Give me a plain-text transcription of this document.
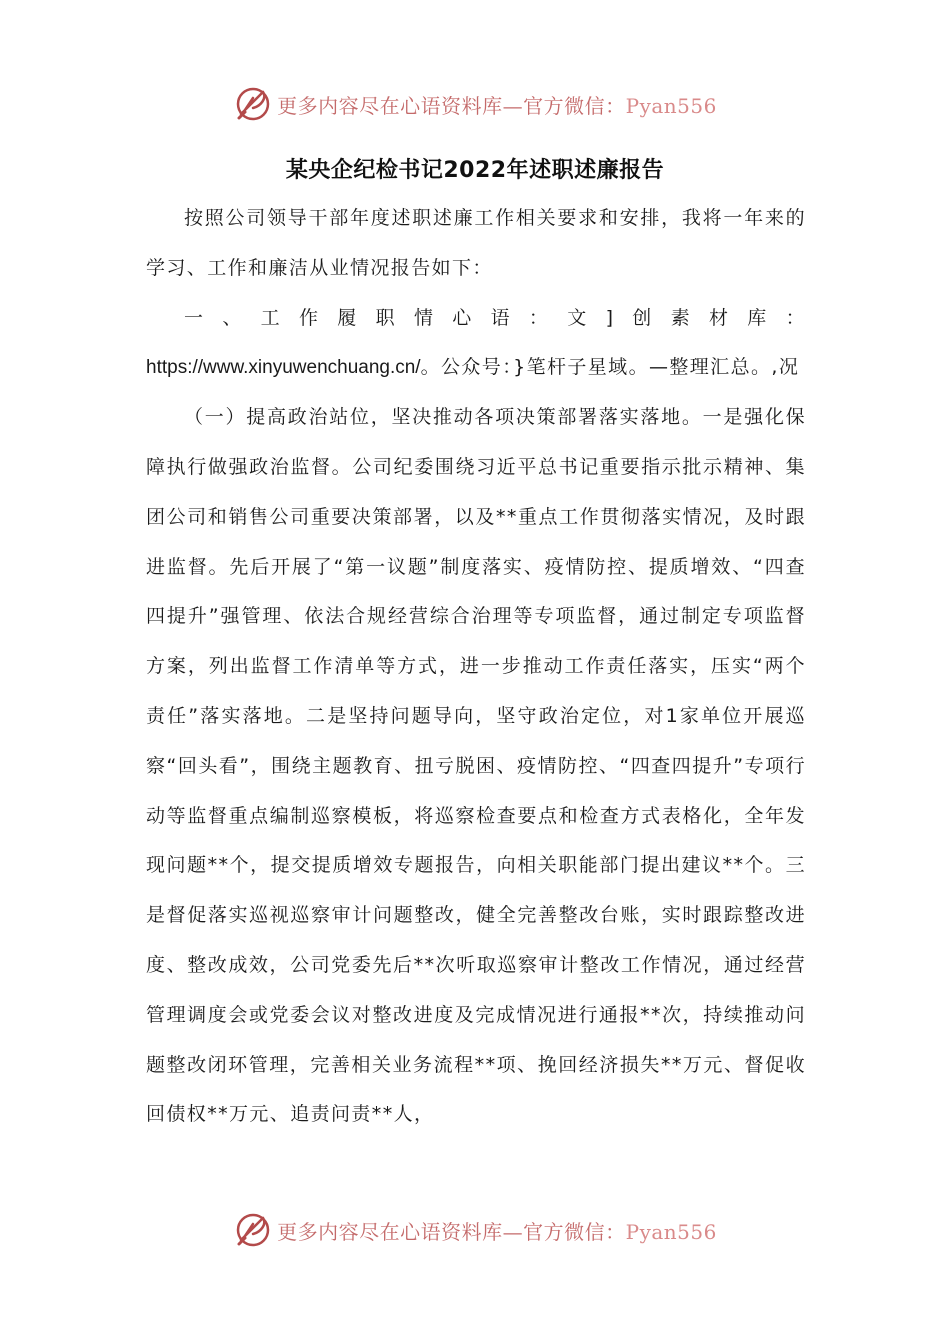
更多内容尽在心语资料库—官方微信：Pyan556
某央企纪检书记2022年述职述廉报告

按照公司领导干部年度述职述廉工作相关要求和安排，我将一年来的学习、工作和廉洁从业情况报告如下：

一、工作履职情心语：文]创素材库：https://www.xinyuwenchuang.cn/。公众号：}笔杆子星域。—整理汇总。,况

（一）提高政治站位，坚决推动各项决策部署落实落地。一是强化保障执行做强政治监督。公司纪委围绕习近平总书记重要指示批示精神、集团公司和销售公司重要决策部署，以及**重点工作贯彻落实情况，及时跟进监督。先后开展了“第一议题”制度落实、疫情防控、提质增效、“四查四提升”强管理、依法合规经营综合治理等专项监督，通过制定专项监督方案，列出监督工作清单等方式，进一步推动工作责任落实，压实“两个责任”落实落地。二是坚持问题导向，坚守政治定位，对1家单位开展巡察“回头看”，围绕主题教育、扭亏脱困、疫情防控、“四查四提升”专项行动等监督重点编制巡察模板，将巡察检查要点和检查方式表格化，全年发现问题**个，提交提质增效专题报告，向相关职能部门提出建议**个。三是督促落实巡视巡察审计问题整改，健全完善整改台账，实时跟踪整改进度、整改成效，公司党委先后**次听取巡察审计整改工作情况，通过经营管理调度会或党委会议对整改进度及完成情况进行通报**次，持续推动问题整改闭环管理，完善相关业务流程**项、挽回经济损失**万元、督促收回债权**万元、追责问责**人，

更多内容尽在心语资料库—官方微信：Pyan556
